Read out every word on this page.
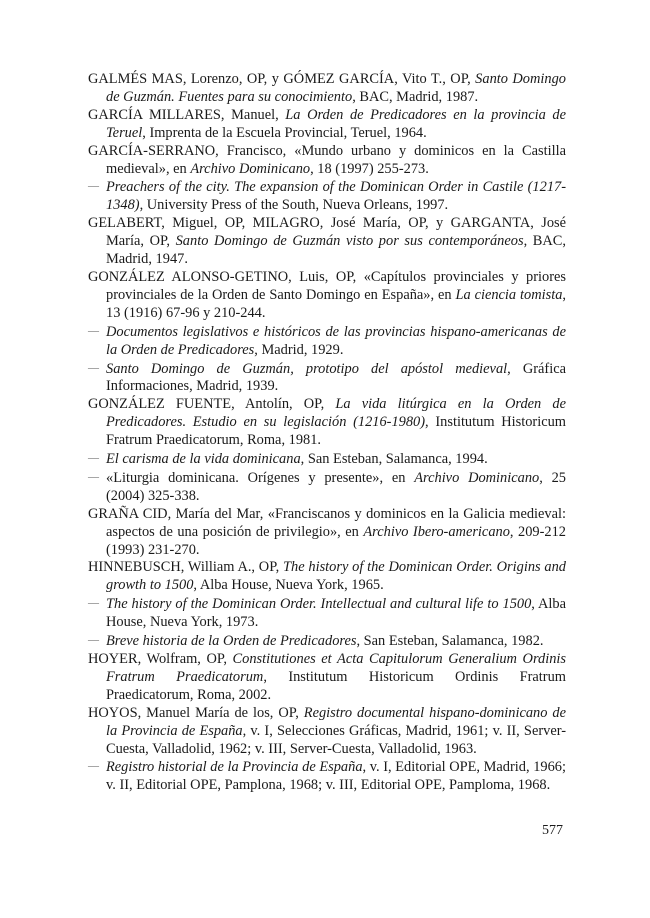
GALMÉS MAS, Lorenzo, OP, y GÓMEZ GARCÍA, Vito T., OP, Santo Domingo de Guzmán. Fuentes para su conocimiento, BAC, Madrid, 1987.

GARCÍA MILLARES, Manuel, La Orden de Predicadores en la provincia de Teruel, Imprenta de la Escuela Provincial, Teruel, 1964.

GARCÍA-SERRANO, Francisco, «Mundo urbano y dominicos en la Castilla medieval», en Archivo Dominicano, 18 (1997) 255-273.

— Preachers of the city. The expansion of the Dominican Order in Castile (1217-1348), University Press of the South, Nueva Orleans, 1997.

GELABERT, Miguel, OP, MILAGRO, José María, OP, y GARGANTA, José María, OP, Santo Domingo de Guzmán visto por sus contemporáneos, BAC, Madrid, 1947.

GONZÁLEZ ALONSO-GETINO, Luis, OP, «Capítulos provinciales y priores provinciales de la Orden de Santo Domingo en España», en La ciencia tomista, 13 (1916) 67-96 y 210-244.

— Documentos legislativos e históricos de las provincias hispano-americanas de la Orden de Predicadores, Madrid, 1929.

— Santo Domingo de Guzmán, prototipo del apóstol medieval, Gráfica Informaciones, Madrid, 1939.

GONZÁLEZ FUENTE, Antolín, OP, La vida litúrgica en la Orden de Predicadores. Estudio en su legislación (1216-1980), Institutum Historicum Fratrum Praedicatorum, Roma, 1981.

— El carisma de la vida dominicana, San Esteban, Salamanca, 1994.

— «Liturgia dominicana. Orígenes y presente», en Archivo Dominicano, 25 (2004) 325-338.

GRAÑA CID, María del Mar, «Franciscanos y dominicos en la Galicia medieval: aspectos de una posición de privilegio», en Archivo Ibero-americano, 209-212 (1993) 231-270.

HINNEBUSCH, William A., OP, The history of the Dominican Order. Origins and growth to 1500, Alba House, Nueva York, 1965.

— The history of the Dominican Order. Intellectual and cultural life to 1500, Alba House, Nueva York, 1973.

— Breve historia de la Orden de Predicadores, San Esteban, Salamanca, 1982.

HOYER, Wolfram, OP, Constitutiones et Acta Capitulorum Generalium Ordinis Fratrum Praedicatorum, Institutum Historicum Ordinis Fratrum Praedicatorum, Roma, 2002.

HOYOS, Manuel María de los, OP, Registro documental hispano-dominicano de la Provincia de España, v. I, Selecciones Gráficas, Madrid, 1961; v. II, Server-Cuesta, Valladolid, 1962; v. III, Server-Cuesta, Valladolid, 1963.

— Registro historial de la Provincia de España, v. I, Editorial OPE, Madrid, 1966; v. II, Editorial OPE, Pamplona, 1968; v. III, Editorial OPE, Pamploma, 1968.

577
